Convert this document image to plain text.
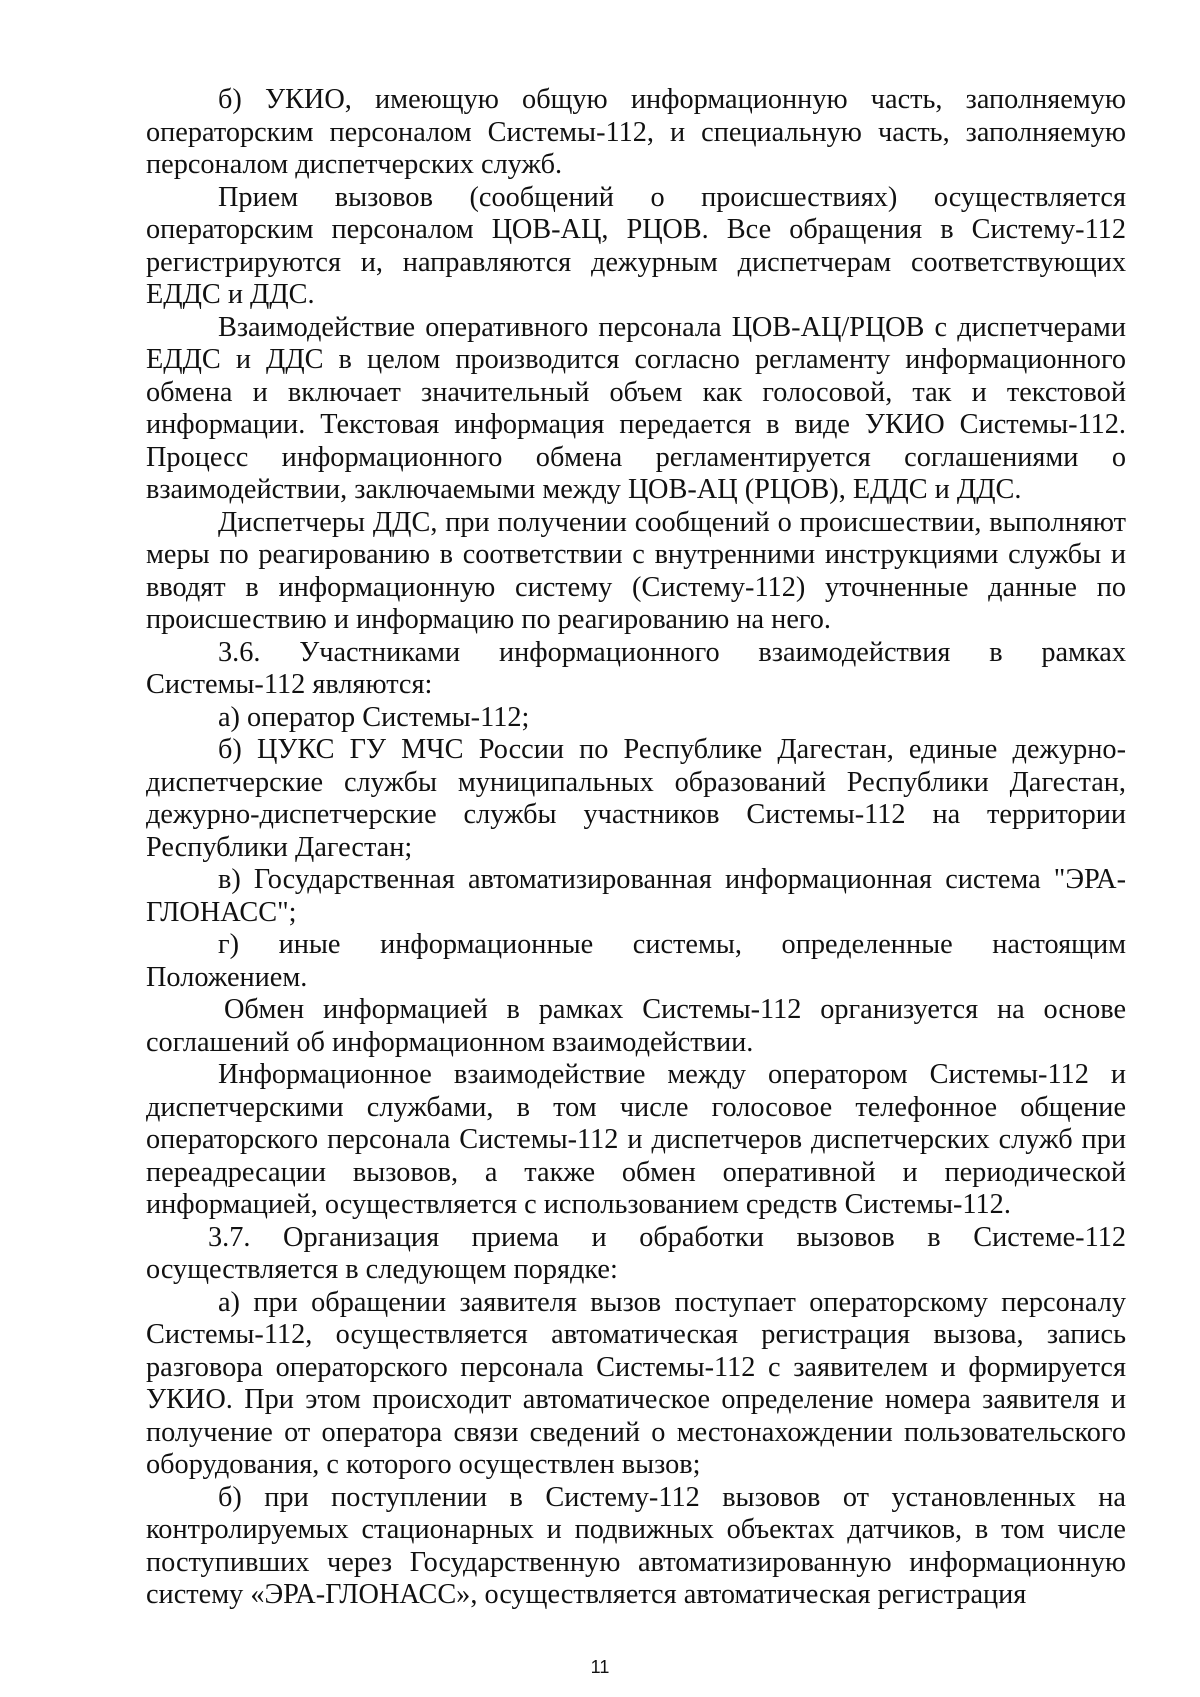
б) УКИО, имеющую общую информационную часть, заполняемую операторским персоналом Системы-112, и специальную часть, заполняемую персоналом диспетчерских служб.

Прием вызовов (сообщений о происшествиях) осуществляется операторским персоналом ЦОВ-АЦ, РЦОВ. Все обращения в Систему-112 регистрируются и, направляются дежурным диспетчерам соответствующих ЕДДС и ДДС.

Взаимодействие оперативного персонала ЦОВ-АЦ/РЦОВ с диспетчерами ЕДДС и ДДС в целом производится согласно регламенту информационного обмена и включает значительный объем как голосовой, так и текстовой информации. Текстовая информация передается в виде УКИО Системы-112. Процесс информационного обмена регламентируется соглашениями о взаимодействии, заключаемыми между ЦОВ-АЦ (РЦОВ), ЕДДС и ДДС.

Диспетчеры ДДС, при получении сообщений о происшествии, выполняют меры по реагированию в соответствии с внутренними инструкциями службы и вводят в информационную систему (Систему-112) уточненные данные по происшествию и информацию по реагированию на него.

3.6. Участниками информационного взаимодействия в рамках Системы-112 являются:

а) оператор Системы-112;

б) ЦУКС ГУ МЧС России по Республике Дагестан, единые дежурно-диспетчерские службы муниципальных образований Республики Дагестан, дежурно-диспетчерские службы участников Системы-112 на территории Республики Дагестан;

в) Государственная автоматизированная информационная система "ЭРА-ГЛОНАСС";

г) иные информационные системы, определенные настоящим Положением.

Обмен информацией в рамках Системы-112 организуется на основе соглашений об информационном взаимодействии.

Информационное взаимодействие между оператором Системы-112 и диспетчерскими службами, в том числе голосовое телефонное общение операторского персонала Системы-112 и диспетчеров диспетчерских служб при переадресации вызовов, а также обмен оперативной и периодической информацией, осуществляется с использованием средств Системы-112.

3.7. Организация приема и обработки вызовов в Системе-112 осуществляется в следующем порядке:

а) при обращении заявителя вызов поступает операторскому персоналу Системы-112, осуществляется автоматическая регистрация вызова, запись разговора операторского персонала Системы-112 с заявителем и формируется УКИО. При этом происходит автоматическое определение номера заявителя и получение от оператора связи сведений о местонахождении пользовательского оборудования, с которого осуществлен вызов;

б) при поступлении в Систему-112 вызовов от установленных на контролируемых стационарных и подвижных объектах датчиков, в том числе поступивших через Государственную автоматизированную информационную систему «ЭРА-ГЛОНАСС», осуществляется автоматическая регистрация

11
